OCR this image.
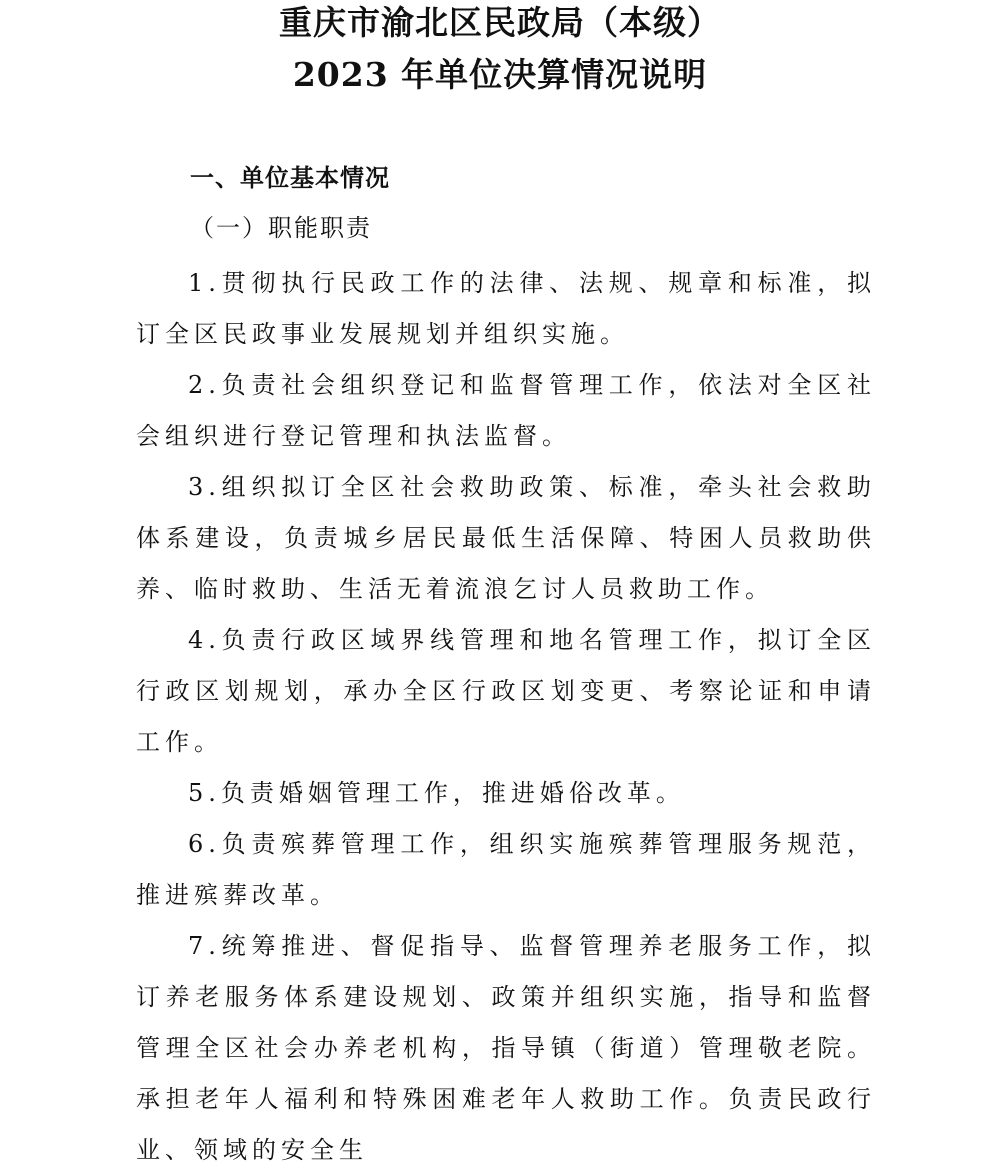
重庆市渝北区民政局（本级）
2023 年单位决算情况说明
一、单位基本情况
（一）职能职责

1.贯彻执行民政工作的法律、法规、规章和标准，拟订全区民政事业发展规划并组织实施。

2.负责社会组织登记和监督管理工作，依法对全区社会组织进行登记管理和执法监督。

3.组织拟订全区社会救助政策、标准，牵头社会救助体系建设，负责城乡居民最低生活保障、特困人员救助供养、临时救助、生活无着流浪乞讨人员救助工作。

4.负责行政区域界线管理和地名管理工作，拟订全区行政区划规划，承办全区行政区划变更、考察论证和申请工作。

5.负责婚姻管理工作，推进婚俗改革。

6.负责殡葬管理工作，组织实施殡葬管理服务规范，推进殡葬改革。

7.统筹推进、督促指导、监督管理养老服务工作，拟订养老服务体系建设规划、政策并组织实施，指导和监督管理全区社会办养老机构，指导镇（街道）管理敬老院。承担老年人福利和特殊困难老年人救助工作。负责民政行业、领域的安全生
